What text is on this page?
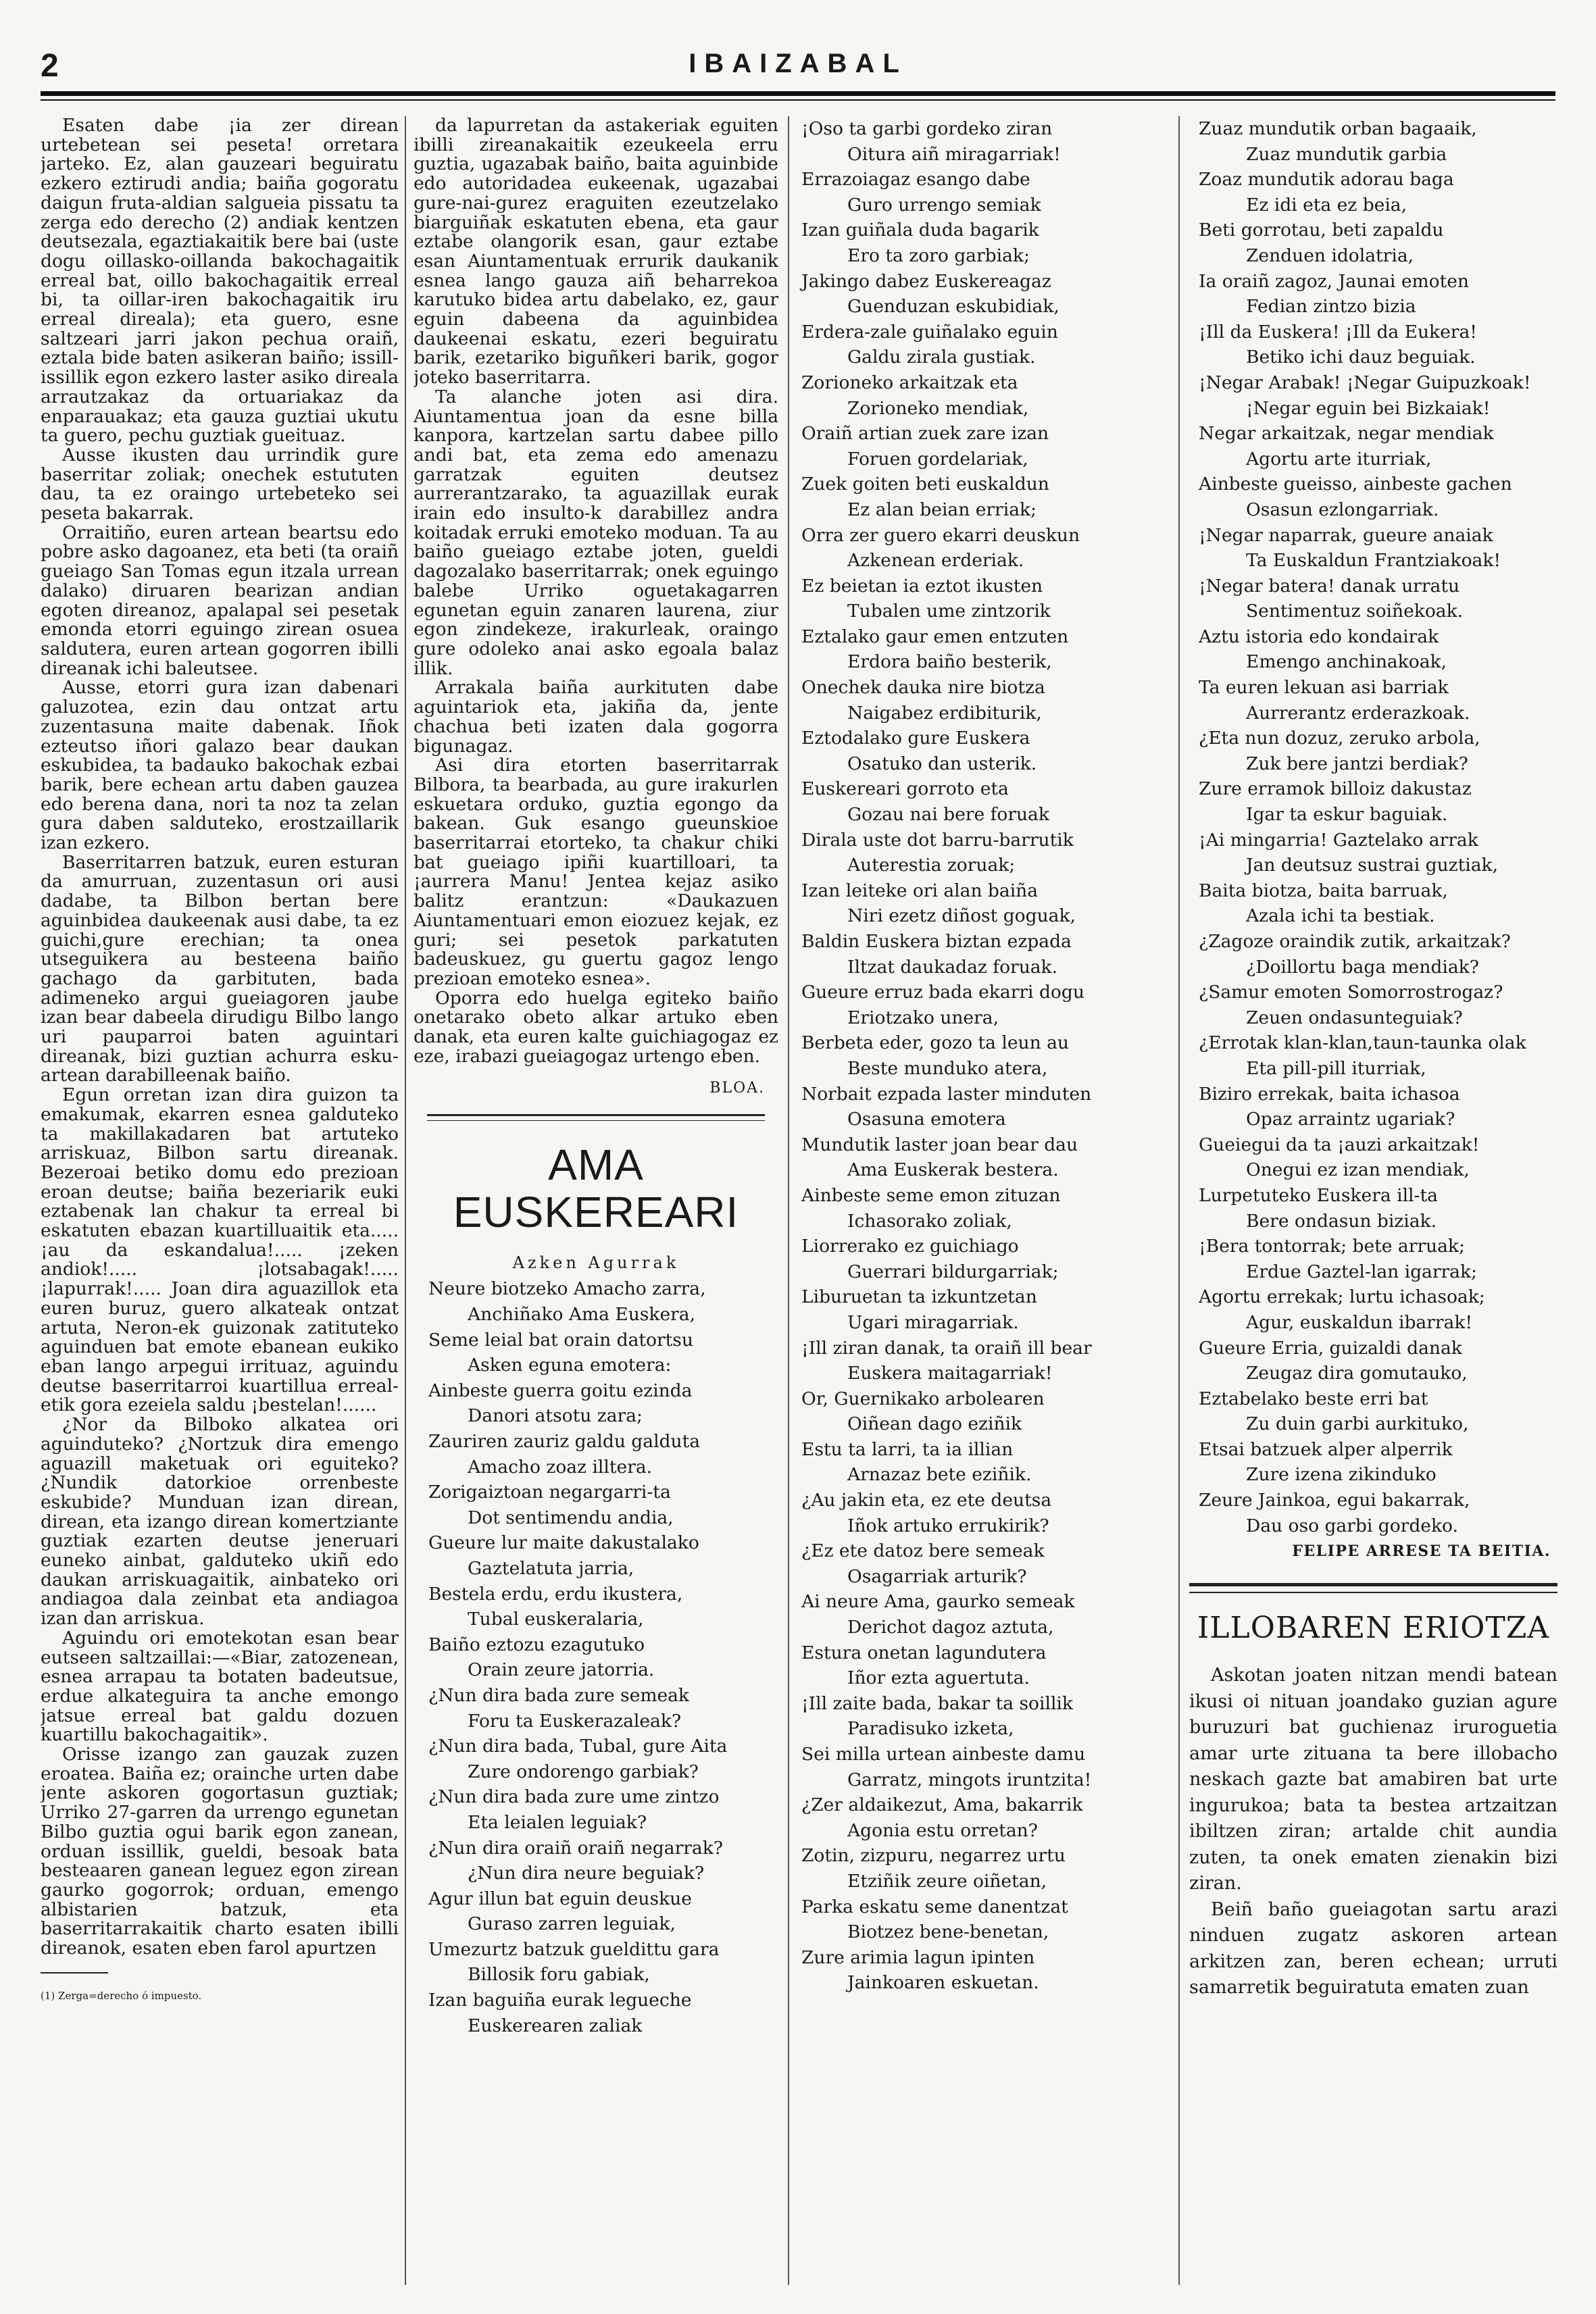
2	IBAIZABAL

Esaten dabe ¡ia zer direan urtebetean sei peseta! orretara jarteko. Ez, alan gauzeari beguiratu ezkero eztirudi andia; baiña gogoratu daigun fruta-aldian salgueia pissatu ta zerga edo derecho (2) andiak kentzen deutsezala, egaztiakaitik bere bai (uste dogu oillasko-oillanda bakochagaitik erreal bat, oillo bakochagaitik erreal bi, ta oillar-iren bakochagaitik iru erreal direala); eta guero, esne saltzeari jarri jakon pechua oraiñ, eztala bide baten asikeran baiño; issill-issillik egon ezkero laster asiko direala arrautzakaz da ortuariakaz da enparauakaz; eta gauza guztiai ukutu ta guero, pechu guztiak gueituaz.

Ausse ikusten dau urrindik gure baserritar zoliak; onechek estututen dau, ta ez oraingo urtebeteko sei peseta bakarrak.

Orraitiño, euren artean beartsu edo pobre asko dagoanez, eta beti (ta oraiñ gueiago San Tomas egun itzala urrean dalako) diruaren bearizan andian egoten direanoz, apalapal sei pesetak emonda etorri eguingo zirean osuea saldutera, euren artean gogorren ibilli direanak ichi baleutsee.

Ausse, etorri gura izan dabenari galuzotea, ezin dau ontzat artu zuzentasuna maite dabenak. Iñok ezteutso iñori galazo bear daukan eskubidea, ta badauko bakochak ezbai barik, bere echean artu daben gauzea edo berena dana, nori ta noz ta zelan gura daben salduteko, erostzaillarik izan ezkero.

Baserritarren batzuk, euren esturan da amurruan, zuzentasun ori ausi dadabe, ta Bilbon bertan bere aguinbidea daukeenak ausi dabe, ta ez guichi,gure erechian; ta onea utseguikera au besteena baiño gachago da garbituten, bada adimeneko argui gueiagoren jaube izan bear dabeela dirudigu Bilbo lango uri pauparroi baten aguintari direanak, bizi guztian achurra esku-artean darabilleenak baiño.

Egun orretan izan dira guizon ta emakumak, ekarren esnea galduteko ta makillakadaren bat artuteko arriskuaz, Bilbon sartu direanak. Bezeroai betiko domu edo prezioan eroan deutse; baiña bezeriarik euki eztabenak lan chakur ta erreal bi eskatuten ebazan kuartilluaitik eta..... ¡au da eskandalua!..... ¡zeken andiok!..... ¡lotsabagak!..... ¡lapurrak!..... Joan dira aguazillok eta euren buruz, guero alkateak ontzat artuta, Neron-ek guizonak zatituteko aguinduen bat emote ebanean eukiko eban lango arpegui irrituaz, aguindu deutse baserritarroi kuartillua erreal-etik gora ezeiela saldu ¡bestelan!......

¿Nor da Bilboko alkatea ori aguinduteko? ¿Nortzuk dira emengo aguazill maketuak ori eguiteko? ¿Nundik datorkioe orrenbeste eskubide? Munduan izan direan, direan, eta izango direan komertziante guztiak ezarten deutse jeneruari euneko ainbat, galduteko ukiñ edo daukan arriskuagaitik, ainbateko ori andiagoa dala zeinbat eta andiagoa izan dan arriskua.

Aguindu ori emotekotan esan bear eutseen saltzaillai:—«Biar, zatozenean, esnea arrapau ta botaten badeutsue, erdue alkateguira ta anche emongo jatsue erreal bat galdu dozuen kuartillu bakochagaitik».

Orisse izango zan gauzak zuzen eroatea. Baiña ez; orainche urten dabe jente askoren gogortasun guztiak; Urriko 27-garren da urrengo egunetan Bilbo guztia ogui barik egon zanean, orduan issillik, gueldi, besoak bata besteaaren ganean leguez egon zirean gaurko gogorrok; orduan, emengo albistarien batzuk, eta baserritarrakaitik charto esaten ibilli direanok, esaten eben farol apurtzen

(1) Zerga=derecho ó impuesto.

da lapurretan da astakeriak eguiten ibilli zireanakaitik ezeukeela erru guztia, ugazabak baiño, baita aguinbide edo autoridadea eukeenak, ugazabai gure-nai-gurez eraguiten ezeutzelako biarguiñak eskatuten ebena, eta gaur eztabe olangorik esan, gaur eztabe esan Aiuntamentuak errurik daukanik esnea lango gauza aiñ beharrekoa karutuko bidea artu dabelako, ez, gaur eguin dabeena da aguinbidea daukeenai eskatu, ezeri beguiratu barik, ezetariko biguñkeri barik, gogor joteko baserritarra.

Ta alanche joten asi dira. Aiuntamentua joan da esne billa kanpora, kartzelan sartu dabee pillo andi bat, eta zema edo amenazu garratzak eguiten deutsez aurrerantzarako, ta aguazillak eurak irain edo insulto-k darabillez andra koitadak erruki emoteko moduan. Ta au baiño gueiago eztabe joten, gueldi dagozalako baserritarrak; onek eguingo balebe Urriko oguetakagarren egunetan eguin zanaren laurena, ziur egon zindekeze, irakurleak, oraingo gure odoleko anai asko egoala balaz illik.

Arrakala baiña aurkituten dabe aguintariok eta, jakiña da, jente chachua beti izaten dala gogorra bigunagaz.

Asi dira etorten baserritarrak Bilbora, ta bearbada, au gure irakurlen eskuetara orduko, guztia egongo da bakean. Guk esango gueunskioe baserritarrai etorteko, ta chakur chiki bat gueiago ipiñi kuartilloari, ta ¡aurrera Manu! Jentea kejaz asiko balitz erantzun: «Daukazuen Aiuntamentuari emon eiozuez kejak, ez guri; sei pesetok parkatuten badeuskuez, gu guertu gagoz lengo prezioan emoteko esnea».

Oporra edo huelga egiteko baiño onetarako obeto alkar artuko eben danak, eta euren kalte guichiagogaz ez eze, irabazi gueiagogaz urtengo eben.

BLOA.
AMA EUSKEREARI
Azken Agurrak
Neure biotzeko Amacho zarra,
Anchiñako Ama Euskera,
Seme leial bat orain datortsu
Asken eguna emotera:
Ainbeste guerra goitu ezinda
Danori atsotu zara;
Zauriren zauriz galdu galduta
Amacho zoaz illtera.
Zorigaiztoan negargarri-ta
Dot sentimendu andia,
Gueure lur maite dakustalako
Gaztelatuta jarria,
Bestela erdu, erdu ikustera,
Tubal euskeralaria,
Baiño eztozu ezagutuko
Orain zeure jatorria.
¿Nun dira bada zure semeak
Foru ta Euskerazaleak?
¿Nun dira bada, Tubal, gure Aita
Zure ondorengo garbiak?
¿Nun dira bada zure ume zintzo
Eta leialen leguiak?
¿Nun dira oraiñ oraiñ negarrak?
¿Nun dira neure beguiak?
Agur illun bat eguin deuskue
Guraso zarren leguiak,
Umezurtz batzuk gueldittu gara
Billosik foru gabiak,
Izan baguiña eurak legueche
Euskerearen zaliak
¡Oso ta garbi gordeko ziran
Oitura aiñ miragarriak!
Errazoiagaz esango dabe
Guro urrengo semiak
Izan guiñala duda bagarik
Ero ta zoro garbiak;
Jakingo dabez Euskereagaz
Guenduzan eskubidiak,
Erdera-zale guiñalako eguin
Galdu zirala gustiak.
Zorioneko arkaitzak eta
Zorioneko mendiak,
Oraiñ artian zuek zare izan
Foruen gordelariak,
Zuek goiten beti euskaldun
Ez alan beian erriak;
Orra zer guero ekarri deuskun
Azkenean erderiak.
Ez beietan ia eztot ikusten
Tubalen ume zintzorik
Eztalako gaur emen entzuten
Erdora baiño besterik,
Onechek dauka nire biotza
Naigabez erdibiturik,
Eztodalako gure Euskera
Osatuko dan usterik.
Euskereari gorroto eta
Gozau nai bere foruak
Dirala uste dot barru-barrutik
Auterestia zoruak;
Izan leiteke ori alan baiña
Niri ezetz diñost goguak,
Baldin Euskera biztan ezpada
Iltzat daukadaz foruak.
Gueure erruz bada ekarri dogu
Eriotzako unera,
Berbeta eder, gozo ta leun au
Beste munduko atera,
Norbait ezpada laster minduten
Osasuna emotera
Mundutik laster joan bear dau
Ama Euskerak bestera.
Ainbeste seme emon zituzan
Ichasorako zoliak,
Liorrerako ez guichiago
Guerrari bildurgarriak;
Liburuetan ta izkuntzetan
Ugari miragarriak.
¡Ill ziran danak, ta oraiñ ill bear
Euskera maitagarriak!
Or, Guernikako arbolearen
Oiñean dago eziñik
Estu ta larri, ta ia illian
Arnazaz bete eziñik.
¿Au jakin eta, ez ete deutsa
Iñok artuko errukirik?
¿Ez ete datoz bere semeak
Osagarriak arturik?
Ai neure Ama, gaurko semeak
Derichot dagoz aztuta,
Estura onetan lagundutera
Iñor ezta aguertuta.
¡Ill zaite bada, bakar ta soillik
Paradisuko izketa,
Sei milla urtean ainbeste damu
Garratz, mingots iruntzita!
¿Zer aldaikezut, Ama, bakarrik
Agonia estu orretan?
Zotin, zizpuru, negarrez urtu
Etziñik zeure oiñetan,
Parka eskatu seme danentzat
Biotzez bene-benetan,
Zure arimia lagun ipinten
Jainkoaren eskuetan.
Zuaz mundutik orban bagaaik,
Zuaz mundutik garbia
Zoaz mundutik adorau baga
Ez idi eta ez beia,
Beti gorrotau, beti zapaldu
Zenduen idolatria,
Ia oraiñ zagoz, Jaunai emoten
Fedian zintzo bizia
¡Ill da Euskera! ¡Ill da Eukera!
Betiko ichi dauz beguiak.
¡Negar Arabak! ¡Negar Guipuzkoak!
¡Negar eguin bei Bizkaiak!
Negar arkaitzak, negar mendiak
Agortu arte iturriak,
Ainbeste gueisso, ainbeste gachen
Osasun ezlongarriak.
¡Negar naparrak, gueure anaiak
Ta Euskaldun Frantziakoak!
¡Negar batera! danak urratu
Sentimentuz soiñekoak.
Aztu istoria edo kondairak
Emengo anchinakoak,
Ta euren lekuan asi barriak
Aurrerantz erderazkoak.
¿Eta nun dozuz, zeruko arbola,
Zuk bere jantzi berdiak?
Zure erramok billoiz dakustaz
Igar ta eskur baguiak.
¡Ai mingarria! Gaztelako arrak
Jan deutsuz sustrai guztiak,
Baita biotza, baita barruak,
Azala ichi ta bestiak.
¿Zagoze oraindik zutik, arkaitzak?
¿Doillortu baga mendiak?
¿Samur emoten Somorrostrogaz?
Zeuen ondasunteguiak?
¿Errotak klan-klan,taun-taunka olak
Eta pill-pill iturriak,
Biziro errekak, baita ichasoa
Opaz arraintz ugariak?
Gueiegui da ta ¡auzi arkaitzak!
Onegui ez izan mendiak,
Lurpetuteko Euskera ill-ta
Bere ondasun biziak.
¡Bera tontorrak; bete arruak;
Erdue Gaztel-lan igarrak;
Agortu errekak; lurtu ichasoak;
Agur, euskaldun ibarrak!
Gueure Erria, guizaldi danak
Zeugaz dira gomutauko,
Eztabelako beste erri bat
Zu duin garbi aurkituko,
Etsai batzuek alper alperrik
Zure izena zikinduko
Zeure Jainkoa, egui bakarrak,
Dau oso garbi gordeko.
FELIPE ARRESE TA BEITIA.
ILLOBAREN ERIOTZA

Askotan joaten nitzan mendi batean ikusi oi nituan joandako guzian agure buruzuri bat guchienaz iruroguetia amar urte zituana ta bere illobacho neskach gazte bat amabiren bat urte ingurukoa; bata ta bestea artzaitzan ibiltzen ziran; artalde chit aundia zuten, ta onek ematen zienakin bizi ziran.

Beiñ baño gueiagotan sartu arazi ninduen zugatz askoren artean arkitzen zan, beren echean; urruti samarretik beguiratuta ematen zuan
